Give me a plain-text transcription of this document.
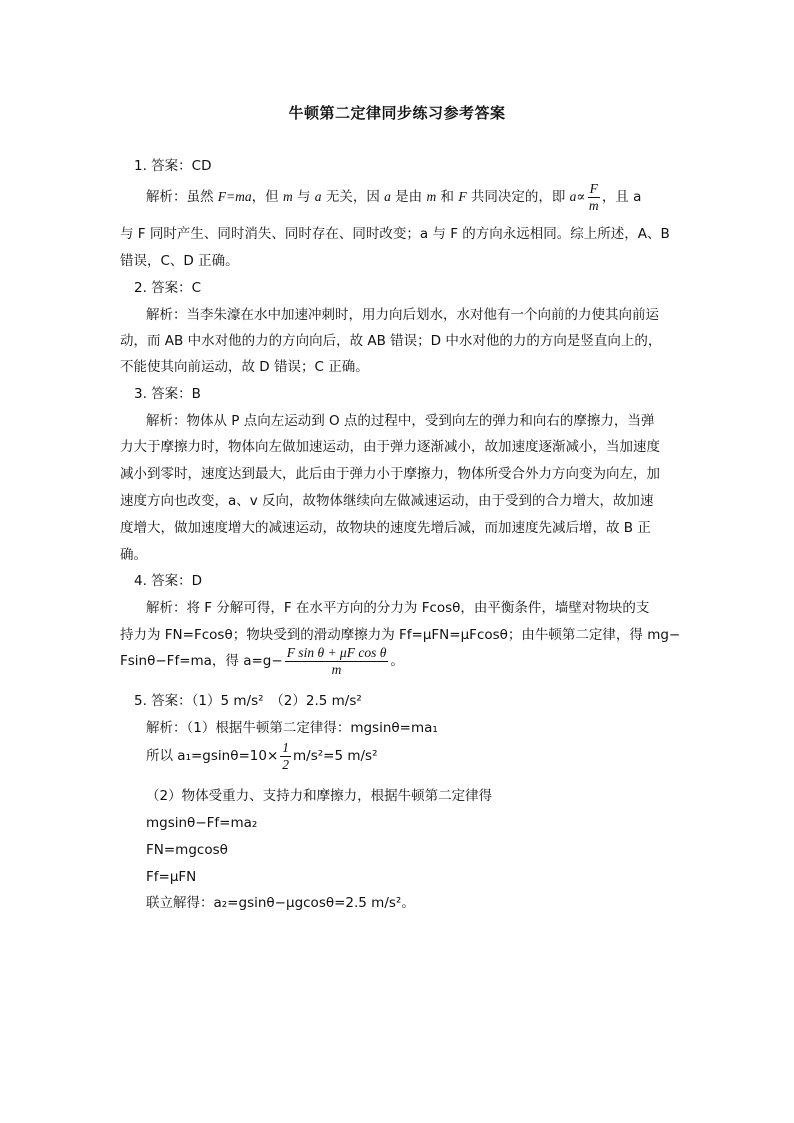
牛顿第二定律同步练习参考答案
1. 答案：CD
解析：虽然 F=ma，但 m 与 a 无关，因 a 是由 m 和 F 共同决定的，即 $a\propto \frac{F}{m}$ ，且 a
与 F 同时产生、同时消失、同时存在、同时改变；a 与 F 的方向永远相同。综上所述，A、B
错误，C、D 正确。
2. 答案：C
解析：当李朱濠在水中加速冲刺时，用力向后划水，水对他有一个向前的力使其向前运
动，而 AB 中水对他的力的方向向后，故 AB 错误；D 中水对他的力的方向是竖直向上的，
不能使其向前运动，故 D 错误；C 正确。
3. 答案：B
解析：物体从 P 点向左运动到 O 点的过程中，受到向左的弹力和向右的摩擦力，当弹
力大于摩擦力时，物体向左做加速运动，由于弹力逐渐减小，故加速度逐渐减小，当加速度
减小到零时，速度达到最大，此后由于弹力小于摩擦力，物体所受合外力方向变为向左，加
速度方向也改变，a、v 反向，故物体继续向左做减速运动，由于受到的合力增大，故加速
度增大，做加速度增大的减速运动，故物块的速度先增后减，而加速度先减后增，故 B 正
确。
4. 答案：D
解析：将 F 分解可得，F 在水平方向的分力为 Fcosθ，由平衡条件，墙壁对物块的支
持力为 FN=Fcosθ；物块受到的滑动摩擦力为 Ff=μFN=μFcosθ；由牛顿第二定律，得 mg−
Fsinθ−Ff=ma，得 $a=g- \frac{\text{F sin θ + μF cos θ}}{m}$ 。
5. 答案：（1）5 m/s²　（2）2.5 m/s²
解析：（1）根据牛顿第二定律得：mgsinθ=ma₁
所以 $a_1=gsin\theta=10\times \frac{1}{2} m/s^2=5$ m/s²
（2）物体受重力、支持力和摩擦力，根据牛顿第二定律得
mgsinθ−Ff=ma₂
FN=mgcosθ
Ff=μFN
联立解得：a₂=gsinθ−μgcosθ=2.5 m/s²。
